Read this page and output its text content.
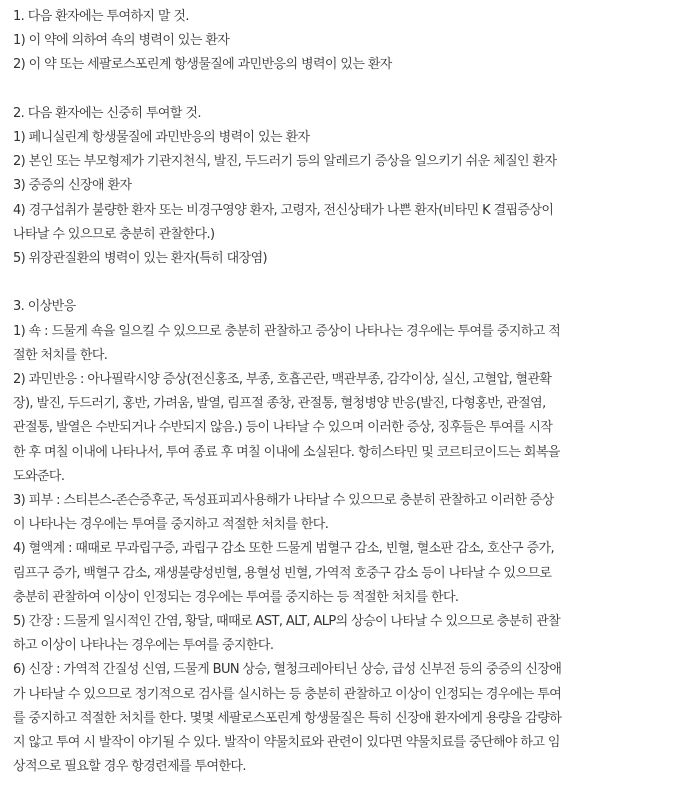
1. 다음 환자에는 투여하지 말 것.
1) 이 약에 의하여 쇽의 병력이 있는 환자
2) 이 약 또는 세팔로스포린계 항생물질에 과민반응의 병력이 있는 환자
2. 다음 환자에는 신중히 투여할 것.
1) 페니실린계 항생물질에 과민반응의 병력이 있는 환자
2) 본인 또는 부모형제가 기관지천식, 발진, 두드러기 등의 알레르기 증상을 일으키기 쉬운 체질인 환자
3) 중증의 신장애 환자
4) 경구섭취가 불량한 환자 또는 비경구영양 환자, 고령자, 전신상태가 나쁜 환자(비타민 K 결핍증상이
나타날 수 있으므로 충분히 관찰한다.)
5) 위장관질환의 병력이 있는 환자(특히 대장염)
3. 이상반응
1) 쇽 : 드물게 쇽을 일으킬 수 있으므로 충분히 관찰하고 증상이 나타나는 경우에는 투여를 중지하고 적
절한 처치를 한다.
2) 과민반응 : 아나필락시양 증상(전신홍조, 부종, 호흡곤란, 맥관부종, 감각이상, 실신, 고혈압, 혈관확
장), 발진, 두드러기, 홍반, 가려움, 발열, 림프절 종창, 관절통, 혈청병양 반응(발진, 다형홍반, 관절염,
관절통, 발열은 수반되거나 수반되지 않음.) 등이 나타날 수 있으며 이러한 증상, 징후들은 투여를 시작
한 후 며칠 이내에 나타나서, 투여 종료 후 며칠 이내에 소실된다. 항히스타민 및 코르티코이드는 회복을
도와준다.
3) 피부 : 스티븐스-존슨증후군, 독성표피괴사용해가 나타날 수 있으므로 충분히 관찰하고 이러한 증상
이 나타나는 경우에는 투여를 중지하고 적절한 처치를 한다.
4) 혈액계 : 때때로 무과립구증, 과립구 감소 또한 드물게 범혈구 감소, 빈혈, 혈소판 감소, 호산구 증가,
림프구 증가, 백혈구 감소, 재생불량성빈혈, 용혈성 빈혈, 가역적 호중구 감소 등이 나타날 수 있으므로
충분히 관찰하여 이상이 인정되는 경우에는 투여를 중지하는 등 적절한 처치를 한다.
5) 간장 : 드물게 일시적인 간염, 황달, 때때로 AST, ALT, ALP의 상승이 나타날 수 있으므로 충분히 관찰
하고 이상이 나타나는 경우에는 투여를 중지한다.
6) 신장 : 가역적 간질성 신염, 드물게 BUN 상승, 혈청크레아티닌 상승, 급성 신부전 등의 중증의 신장애
가 나타날 수 있으므로 정기적으로 검사를 실시하는 등 충분히 관찰하고 이상이 인정되는 경우에는 투여
를 중지하고 적절한 처치를 한다. 몇몇 세팔로스포린계 항생물질은 특히 신장애 환자에게 용량을 감량하
지 않고 투여 시 발작이 야기될 수 있다. 발작이 약물치료와 관련이 있다면 약물치료를 중단해야 하고 임
상적으로 필요할 경우 항경련제를 투여한다.
